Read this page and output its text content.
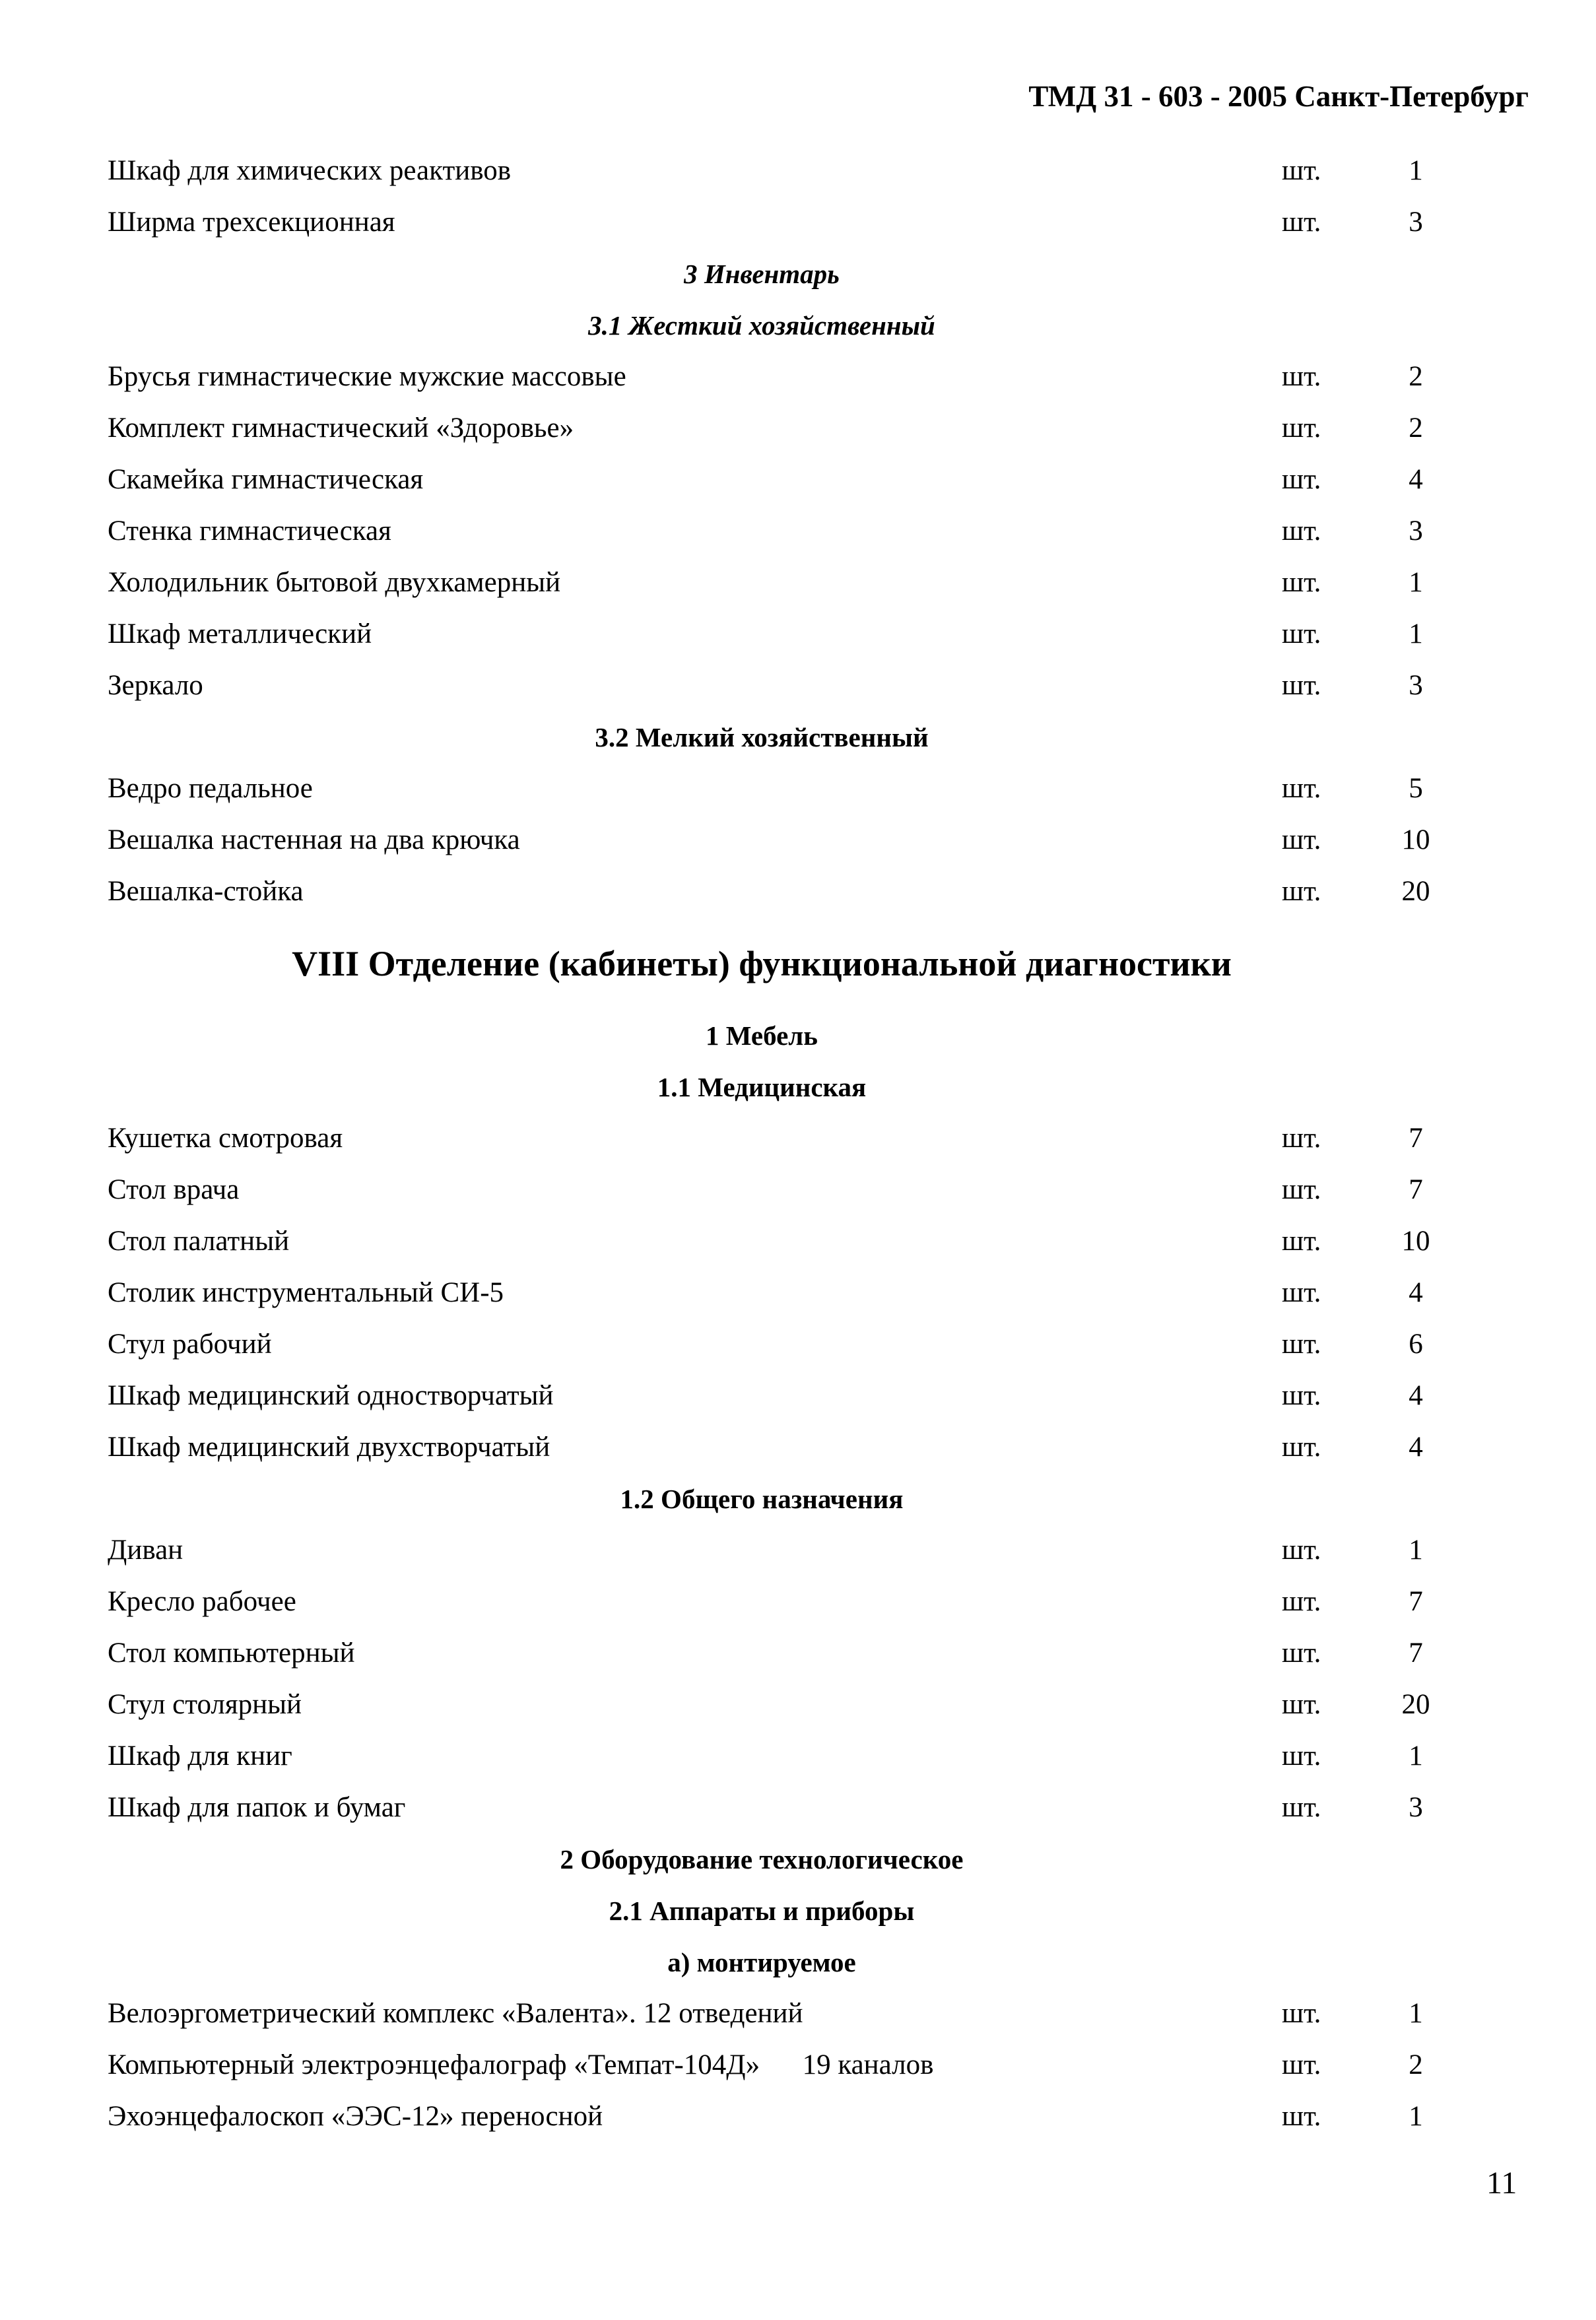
ТМД 31 - 603 - 2005 Санкт-Петербург
Шкаф для химических реактивов	шт.	1
Ширма трехсекционная	шт.	3
3 Инвентарь
3.1 Жесткий хозяйственный
Брусья гимнастические мужские массовые	шт.	2
Комплект гимнастический «Здоровье»	шт.	2
Скамейка гимнастическая	шт.	4
Стенка гимнастическая	шт.	3
Холодильник бытовой двухкамерный	шт.	1
Шкаф металлический	шт.	1
Зеркало	шт.	3
3.2 Мелкий хозяйственный
Ведро педальное	шт.	5
Вешалка настенная на два крючка	шт.	10
Вешалка-стойка	шт.	20
VIII Отделение (кабинеты) функциональной диагностики
1 Мебель
1.1 Медицинская
Кушетка смотровая	шт.	7
Стол врача	шт.	7
Стол палатный	шт.	10
Столик инструментальный СИ-5	шт.	4
Стул рабочий	шт.	6
Шкаф медицинский одностворчатый	шт.	4
Шкаф медицинский двухстворчатый	шт.	4
1.2 Общего назначения
Диван	шт.	1
Кресло рабочее	шт.	7
Стол компьютерный	шт.	7
Стул столярный	шт.	20
Шкаф для книг	шт.	1
Шкаф для папок и бумаг	шт.	3
2 Оборудование технологическое
2.1 Аппараты и приборы
а) монтируемое
Велоэргометрический комплекс «Валента». 12 отведений	шт.	1
Компьютерный электроэнцефалограф «Темпат-104Д»      19 каналов	шт.	2
Эхоэнцефалоскоп «ЭЭС-12» переносной	шт.	1
11
